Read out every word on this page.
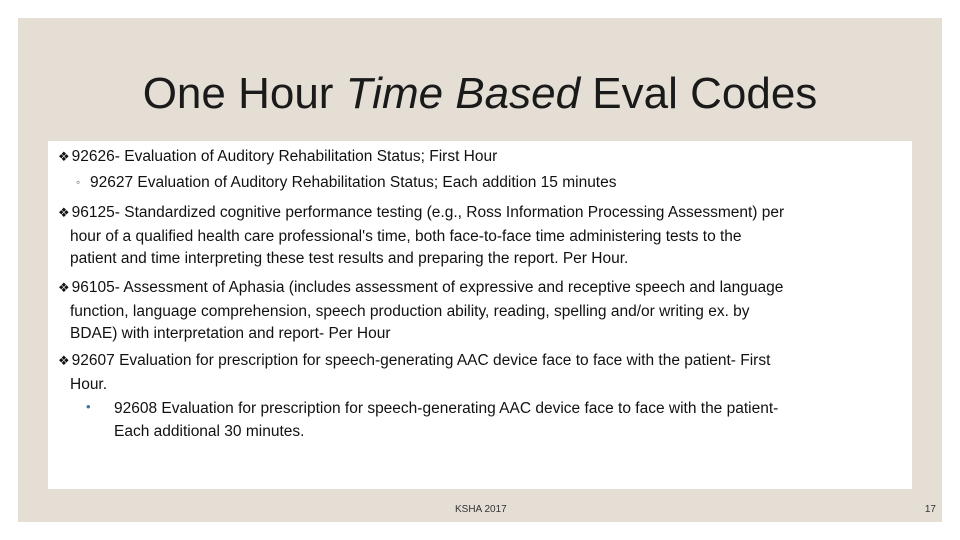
One Hour Time Based Eval Codes
❖ 92626- Evaluation of Auditory Rehabilitation Status; First Hour
◦ 92627 Evaluation of Auditory Rehabilitation Status; Each addition 15 minutes
❖ 96125- Standardized cognitive performance testing (e.g., Ross Information Processing Assessment) per
hour of a qualified health care professional's time, both face-to-face time administering tests to the
patient and time interpreting these test results and preparing the report. Per Hour.
❖ 96105- Assessment of Aphasia (includes assessment of expressive and receptive speech and language
function, language comprehension, speech production ability, reading, spelling and/or writing ex. by
BDAE) with interpretation and report- Per Hour
❖ 92607 Evaluation for prescription for speech-generating AAC device face to face with the patient- First
Hour.
• 92608 Evaluation for prescription for speech-generating AAC device face to face with the patient-
Each additional 30 minutes.
KSHA 2017	17
